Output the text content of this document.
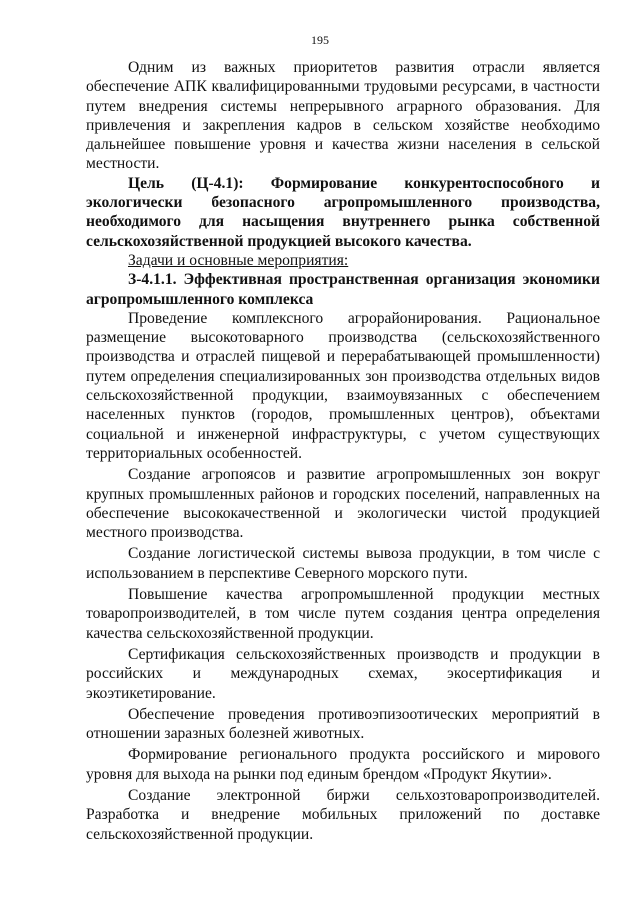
195

Одним из важных приоритетов развития отрасли является обеспечение АПК квалифицированными трудовыми ресурсами, в частности путем внедрения системы непрерывного аграрного образования. Для привлечения и закрепления кадров в сельском хозяйстве необходимо дальнейшее повышение уровня и качества жизни населения в сельской местности.

Цель (Ц-4.1): Формирование конкурентоспособного и экологически безопасного агропромышленного производства, необходимого для насыщения внутреннего рынка собственной сельскохозяйственной продукцией высокого качества.

Задачи и основные мероприятия:

З-4.1.1. Эффективная пространственная организация экономики агропромышленного комплекса

Проведение комплексного агрорайонирования. Рациональное размещение высокотоварного производства (сельскохозяйственного производства и отраслей пищевой и перерабатывающей промышленности) путем определения специализированных зон производства отдельных видов сельскохозяйственной продукции, взаимоувязанных с обеспечением населенных пунктов (городов, промышленных центров), объектами социальной и инженерной инфраструктуры, с учетом существующих территориальных особенностей.

Создание агропоясов и развитие агропромышленных зон вокруг крупных промышленных районов и городских поселений, направленных на обеспечение высококачественной и экологически чистой продукцией местного производства.

Создание логистической системы вывоза продукции, в том числе с использованием в перспективе Северного морского пути.

Повышение качества агропромышленной продукции местных товаропроизводителей, в том числе путем создания центра определения качества сельскохозяйственной продукции.

Сертификация сельскохозяйственных производств и продукции в российских и международных схемах, экосертификация и экоэтикетирование.

Обеспечение проведения противоэпизоотических мероприятий в отношении заразных болезней животных.

Формирование регионального продукта российского и мирового уровня для выхода на рынки под единым брендом «Продукт Якутии».

Создание электронной биржи сельхозтоваропроизводителей. Разработка и внедрение мобильных приложений по доставке сельскохозяйственной продукции.
